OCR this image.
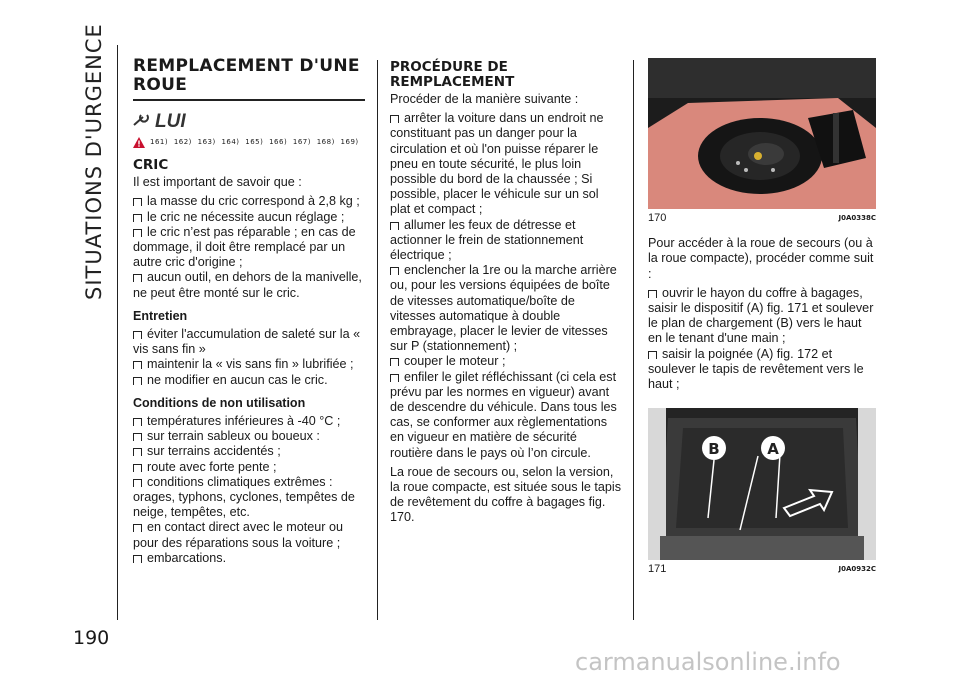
SITUATIONS D'URGENCE
190
REMPLACEMENT D'UNE ROUE
LUI
161) 162) 163) 164) 165) 166) 167) 168) 169)
CRIC

Il est important de savoir que :

la masse du cric correspond à 2,8 kg ;
le cric ne nécessite aucun réglage ;
le cric n’est pas réparable ; en cas de dommage, il doit être remplacé par un autre cric d'origine ;
aucun outil, en dehors de la manivelle, ne peut être monté sur le cric.
Entretien
éviter l'accumulation de saleté sur la « vis sans fin »
maintenir la « vis sans fin » lubrifiée ;
ne modifier en aucun cas le cric.
Conditions de non utilisation
températures inférieures à -40 °C ;
sur terrain sableux ou boueux :
sur terrains accidentés ;
route avec forte pente ;
conditions climatiques extrêmes : orages, typhons, cyclones, tempêtes de neige, tempêtes, etc.
en contact direct avec le moteur ou pour des réparations sous la voiture ;
embarcations.
PROCÉDURE DE REMPLACEMENT

Procéder de la manière suivante :

arrêter la voiture dans un endroit ne constituant pas un danger pour la circulation et où l'on puisse réparer le pneu en toute sécurité, le plus loin possible du bord de la chaussée ; Si possible, placer le véhicule sur un sol plat et compact ;
allumer les feux de détresse et actionner le frein de stationnement électrique ;
enclencher la 1re ou la marche arrière ou, pour les versions équipées de boîte de vitesses automatique/boîte de vitesses automatique à double embrayage, placer le levier de vitesses sur P (stationnement) ;
couper le moteur ;
enfiler le gilet réfléchissant (ci cela est prévu par les normes en vigueur) avant de descendre du véhicule. Dans tous les cas, se conformer aux règlementations en vigueur en matière de sécurité routière dans le pays où l’on circule.

La roue de secours ou, selon la version, la roue compacte, est située sous le tapis de revêtement du coffre à bagages fig. 170.

170	J0A0338C

Pour accéder à la roue de secours (ou à la roue compacte), procéder comme suit :

ouvrir le hayon du coffre à bagages, saisir le dispositif (A) fig. 171 et soulever le plan de chargement (B) vers le haut en le tenant d'une main ;
saisir la poignée (A) fig. 172 et soulever le tapis de revêtement vers le haut ;
B	A
171	J0A0932C
carmanualsonline.info
